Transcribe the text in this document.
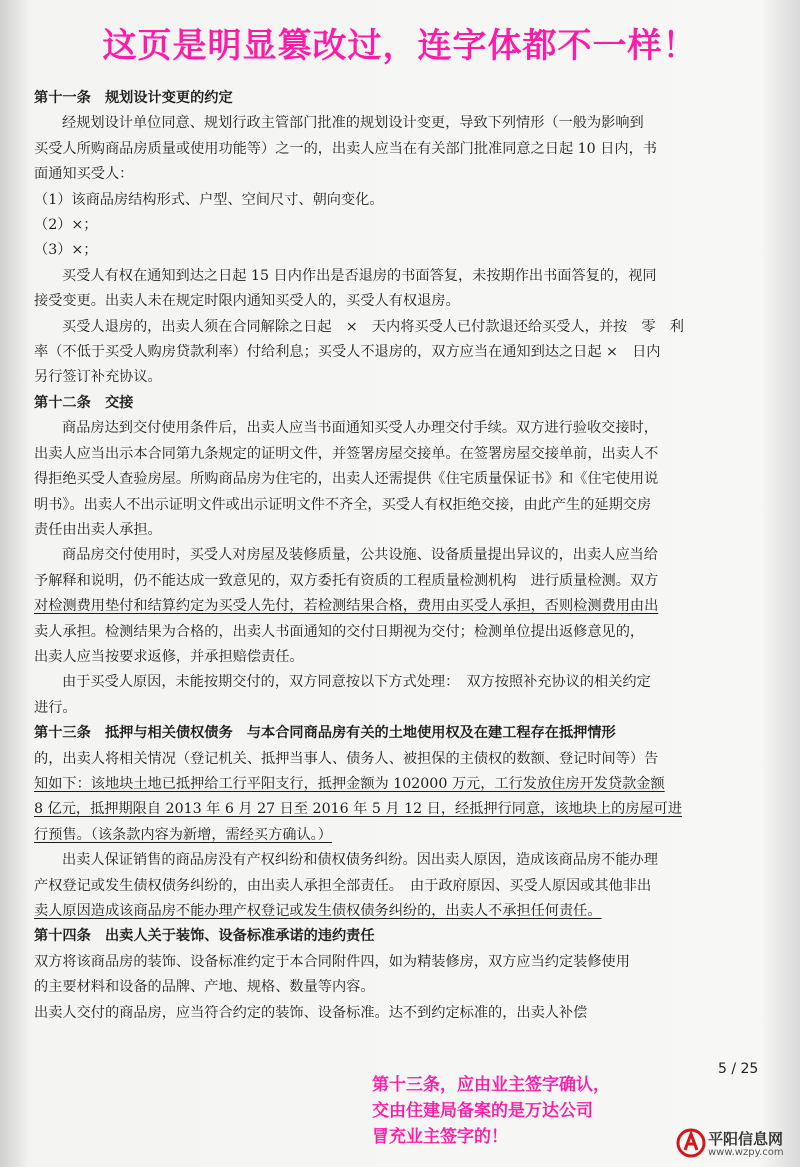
这页是明显篡改过，连字体都不一样！

第十一条　规划设计变更的约定

经规划设计单位同意、规划行政主管部门批准的规划设计变更，导致下列情形（一般为影响到

买受人所购商品房质量或使用功能等）之一的，出卖人应当在有关部门批准同意之日起 10 日内，书

面通知买受人：

（1）该商品房结构形式、户型、空间尺寸、朝向变化。

（2）×；

（3）×；

买受人有权在通知到达之日起 15 日内作出是否退房的书面答复，未按期作出书面答复的，视同

接受变更。出卖人未在规定时限内通知买受人的，买受人有权退房。

买受人退房的，出卖人须在合同解除之日起　×　天内将买受人已付款退还给买受人，并按　零　利

率（不低于买受人购房贷款利率）付给利息；买受人不退房的，双方应当在通知到达之日起 ×　日内

另行签订补充协议。

第十二条　交接

商品房达到交付使用条件后，出卖人应当书面通知买受人办理交付手续。双方进行验收交接时，

出卖人应当出示本合同第九条规定的证明文件，并签署房屋交接单。在签署房屋交接单前，出卖人不

得拒绝买受人查验房屋。所购商品房为住宅的，出卖人还需提供《住宅质量保证书》和《住宅使用说

明书》。出卖人不出示证明文件或出示证明文件不齐全，买受人有权拒绝交接，由此产生的延期交房

责任由出卖人承担。

商品房交付使用时，买受人对房屋及装修质量，公共设施、设备质量提出异议的，出卖人应当给

予解释和说明，仍不能达成一致意见的，双方委托有资质的工程质量检测机构　进行质量检测。双方

对检测费用垫付和结算约定为买受人先付，若检测结果合格，费用由买受人承担，否则检测费用由出

卖人承担。检测结果为合格的，出卖人书面通知的交付日期视为交付；检测单位提出返修意见的，

出卖人应当按要求返修，并承担赔偿责任。

由于买受人原因，未能按期交付的，双方同意按以下方式处理：　双方按照补充协议的相关约定

进行。

第十三条　抵押与相关债权债务　与本合同商品房有关的土地使用权及在建工程存在抵押情形

的，出卖人将相关情况（登记机关、抵押当事人、债务人、被担保的主债权的数额、登记时间等）告

知如下：该地块土地已抵押给工行平阳支行，抵押金额为 102000 万元，工行发放住房开发贷款金额

8 亿元，抵押期限自 2013 年 6 月 27 日至 2016 年 5 月 12 日，经抵押行同意，该地块上的房屋可进

行预售。（该条款内容为新增，需经买方确认。）

出卖人保证销售的商品房没有产权纠纷和债权债务纠纷。因出卖人原因，造成该商品房不能办理

产权登记或发生债权债务纠纷的，由出卖人承担全部责任。　由于政府原因、买受人原因或其他非出

卖人原因造成该商品房不能办理产权登记或发生债权债务纠纷的，出卖人不承担任何责任。

第十四条　出卖人关于装饰、设备标准承诺的违约责任

双方将该商品房的装饰、设备标准约定于本合同附件四，如为精装修房，双方应当约定装修使用

的主要材料和设备的品牌、产地、规格、数量等内容。

出卖人交付的商品房，应当符合约定的装饰、设备标准。达不到约定标准的，出卖人补偿

5 / 25

第十三条，应由业主签字确认，

交由住建局备案的是万达公司

冒充业主签字的！	平阳信息网
www.wzpy.com
